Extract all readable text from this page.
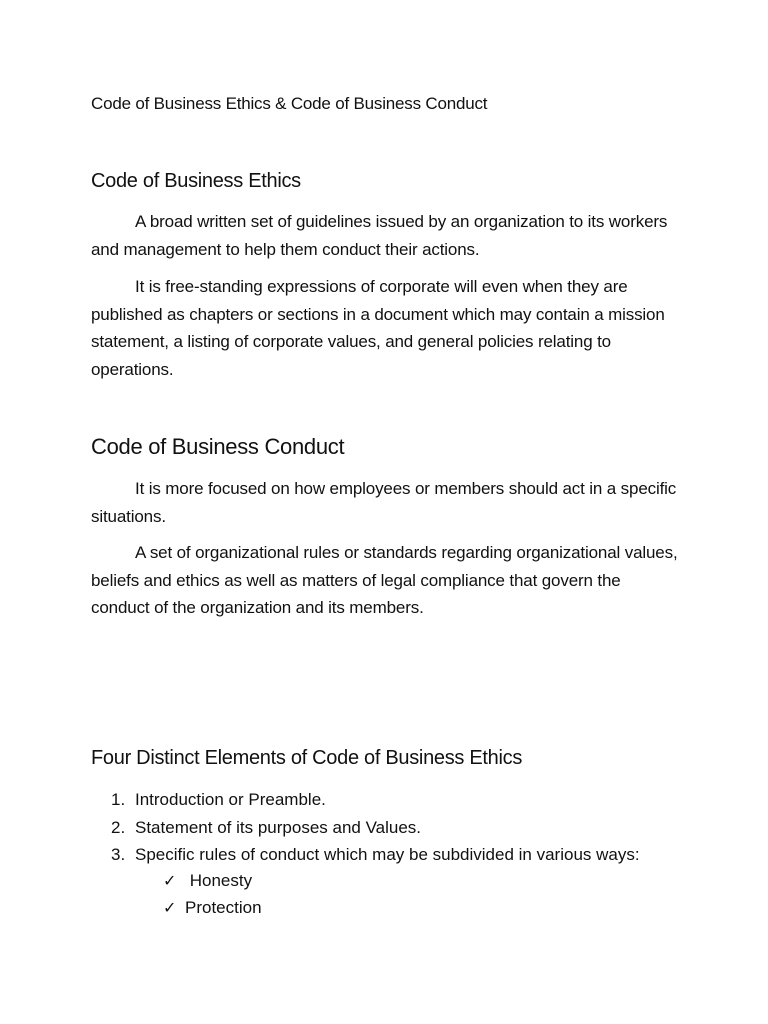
Code of Business Ethics & Code of Business Conduct
Code of Business Ethics

A broad written set of guidelines issued by an organization to its workers and management to help them conduct their actions.

It is free-standing expressions of corporate will even when they are published as chapters or sections in a document which may contain a mission statement, a listing of corporate values, and general policies relating to operations.

Code of Business Conduct

It is more focused on how employees or members should act in a specific situations.

A set of organizational rules or standards regarding organizational values, beliefs and ethics as well as matters of legal compliance that govern the conduct of the organization and its members.

Four Distinct Elements of Code of Business Ethics
1. Introduction or Preamble.
2. Statement of its purposes and Values.
3. Specific rules of conduct which may be subdivided in various ways:
✓ Honesty
✓ Protection
